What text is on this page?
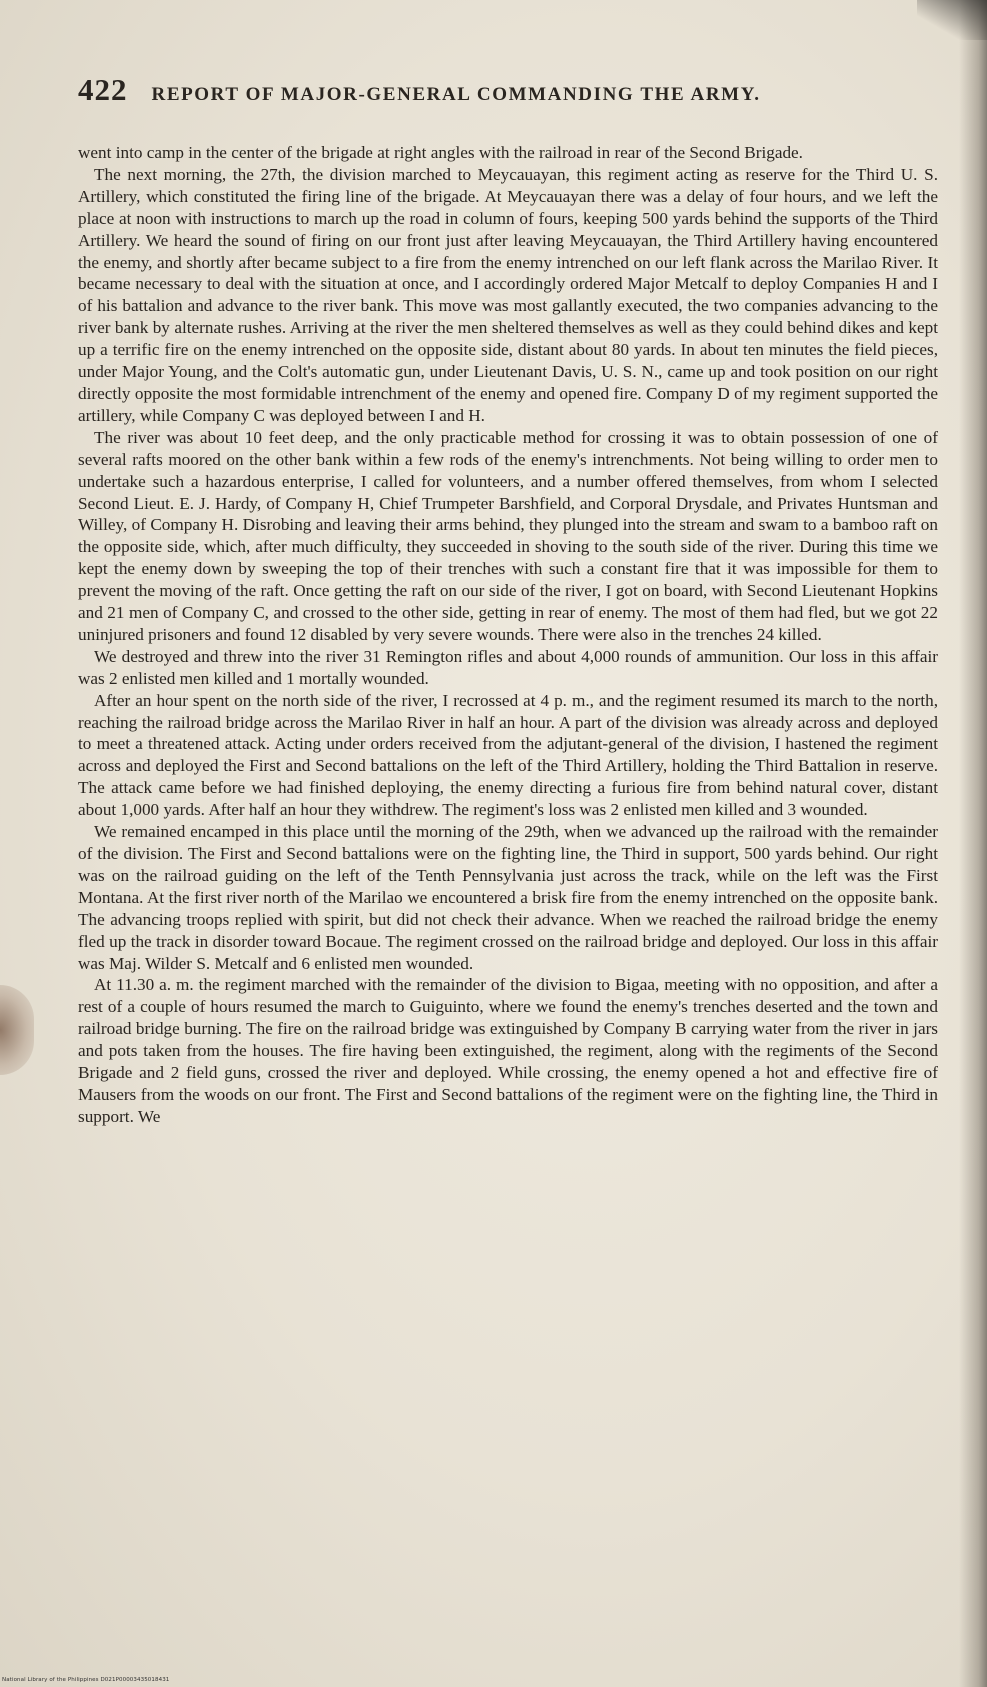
422 REPORT OF MAJOR-GENERAL COMMANDING THE ARMY.

went into camp in the center of the brigade at right angles with the railroad in rear of the Second Brigade.

The next morning, the 27th, the division marched to Meycauayan, this regiment acting as reserve for the Third U. S. Artillery, which constituted the firing line of the brigade. At Meycauayan there was a delay of four hours, and we left the place at noon with instructions to march up the road in column of fours, keeping 500 yards behind the supports of the Third Artillery. We heard the sound of firing on our front just after leaving Meycauayan, the Third Artillery having encountered the enemy, and shortly after became subject to a fire from the enemy intrenched on our left flank across the Marilao River. It became necessary to deal with the situation at once, and I accordingly ordered Major Metcalf to deploy Companies H and I of his battalion and advance to the river bank. This move was most gallantly executed, the two companies advancing to the river bank by alternate rushes. Arriving at the river the men sheltered themselves as well as they could behind dikes and kept up a terrific fire on the enemy intrenched on the opposite side, distant about 80 yards. In about ten minutes the field pieces, under Major Young, and the Colt's automatic gun, under Lieutenant Davis, U. S. N., came up and took position on our right directly opposite the most formidable intrenchment of the enemy and opened fire. Company D of my regiment supported the artillery, while Company C was deployed between I and H.

The river was about 10 feet deep, and the only practicable method for crossing it was to obtain possession of one of several rafts moored on the other bank within a few rods of the enemy's intrenchments. Not being willing to order men to undertake such a hazardous enterprise, I called for volunteers, and a number offered themselves, from whom I selected Second Lieut. E. J. Hardy, of Company H, Chief Trumpeter Barshfield, and Corporal Drysdale, and Privates Huntsman and Willey, of Company H. Disrobing and leaving their arms behind, they plunged into the stream and swam to a bamboo raft on the opposite side, which, after much difficulty, they succeeded in shoving to the south side of the river. During this time we kept the enemy down by sweeping the top of their trenches with such a constant fire that it was impossible for them to prevent the moving of the raft. Once getting the raft on our side of the river, I got on board, with Second Lieutenant Hopkins and 21 men of Company C, and crossed to the other side, getting in rear of enemy. The most of them had fled, but we got 22 uninjured prisoners and found 12 disabled by very severe wounds. There were also in the trenches 24 killed.

We destroyed and threw into the river 31 Remington rifles and about 4,000 rounds of ammunition. Our loss in this affair was 2 enlisted men killed and 1 mortally wounded.

After an hour spent on the north side of the river, I recrossed at 4 p. m., and the regiment resumed its march to the north, reaching the railroad bridge across the Marilao River in half an hour. A part of the division was already across and deployed to meet a threatened attack. Acting under orders received from the adjutant-general of the division, I hastened the regiment across and deployed the First and Second battalions on the left of the Third Artillery, holding the Third Battalion in reserve. The attack came before we had finished deploying, the enemy directing a furious fire from behind natural cover, distant about 1,000 yards. After half an hour they withdrew. The regiment's loss was 2 enlisted men killed and 3 wounded.

We remained encamped in this place until the morning of the 29th, when we advanced up the railroad with the remainder of the division. The First and Second battalions were on the fighting line, the Third in support, 500 yards behind. Our right was on the railroad guiding on the left of the Tenth Pennsylvania just across the track, while on the left was the First Montana. At the first river north of the Marilao we encountered a brisk fire from the enemy intrenched on the opposite bank. The advancing troops replied with spirit, but did not check their advance. When we reached the railroad bridge the enemy fled up the track in disorder toward Bocaue. The regiment crossed on the railroad bridge and deployed. Our loss in this affair was Maj. Wilder S. Metcalf and 6 enlisted men wounded.

At 11.30 a. m. the regiment marched with the remainder of the division to Bigaa, meeting with no opposition, and after a rest of a couple of hours resumed the march to Guiguinto, where we found the enemy's trenches deserted and the town and railroad bridge burning. The fire on the railroad bridge was extinguished by Company B carrying water from the river in jars and pots taken from the houses. The fire having been extinguished, the regiment, along with the regiments of the Second Brigade and 2 field guns, crossed the river and deployed. While crossing, the enemy opened a hot and effective fire of Mausers from the woods on our front. The First and Second battalions of the regiment were on the fighting line, the Third in support. We

National Library of the Philippines D021P00003435018431
